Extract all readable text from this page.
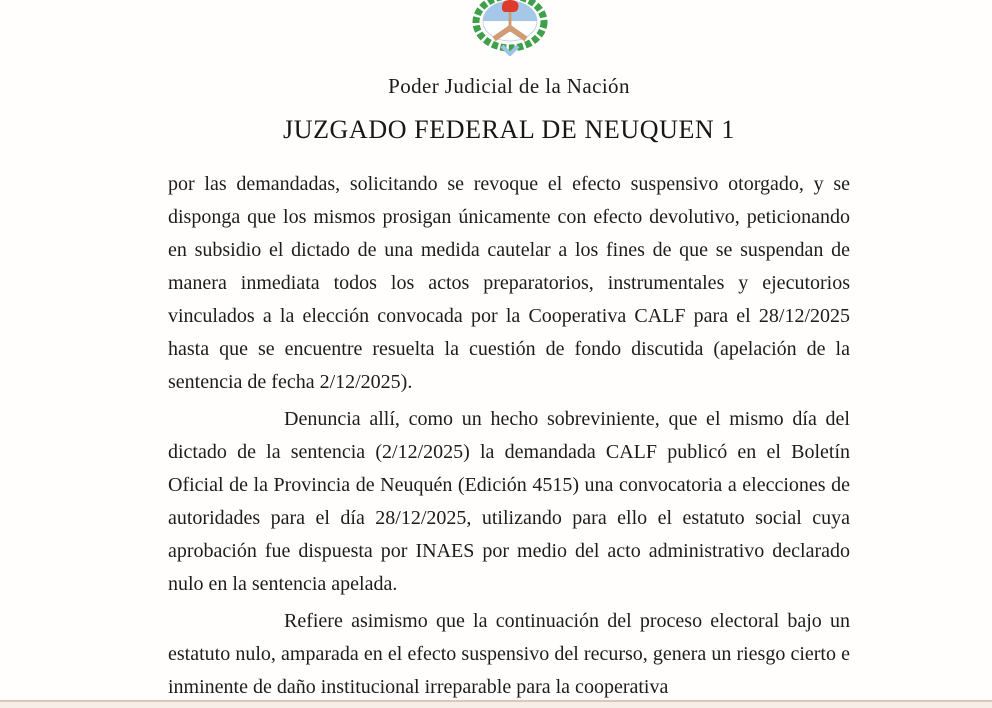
Poder Judicial de la Nación
JUZGADO FEDERAL DE NEUQUEN 1

por las demandadas, solicitando se revoque el efecto suspensivo otorgado, y se disponga que los mismos prosigan únicamente con efecto devolutivo, peticionando en subsidio el dictado de una medida cautelar a los fines de que se suspendan de manera inmediata todos los actos preparatorios, instrumentales y ejecutorios vinculados a la elección convocada por la Cooperativa CALF para el 28/12/2025 hasta que se encuentre resuelta la cuestión de fondo discutida (apelación de la sentencia de fecha 2/12/2025).

Denuncia allí, como un hecho sobreviniente, que el mismo día del dictado de la sentencia (2/12/2025) la demandada CALF publicó en el Boletín Oficial de la Provincia de Neuquén (Edición 4515) una convocatoria a elecciones de autoridades para el día 28/12/2025, utilizando para ello el estatuto social cuya aprobación fue dispuesta por INAES por medio del acto administrativo declarado nulo en la sentencia apelada.

Refiere asimismo que la continuación del proceso electoral bajo un estatuto nulo, amparada en el efecto suspensivo del recurso, genera un riesgo cierto e inminente de daño institucional irreparable para la cooperativa
